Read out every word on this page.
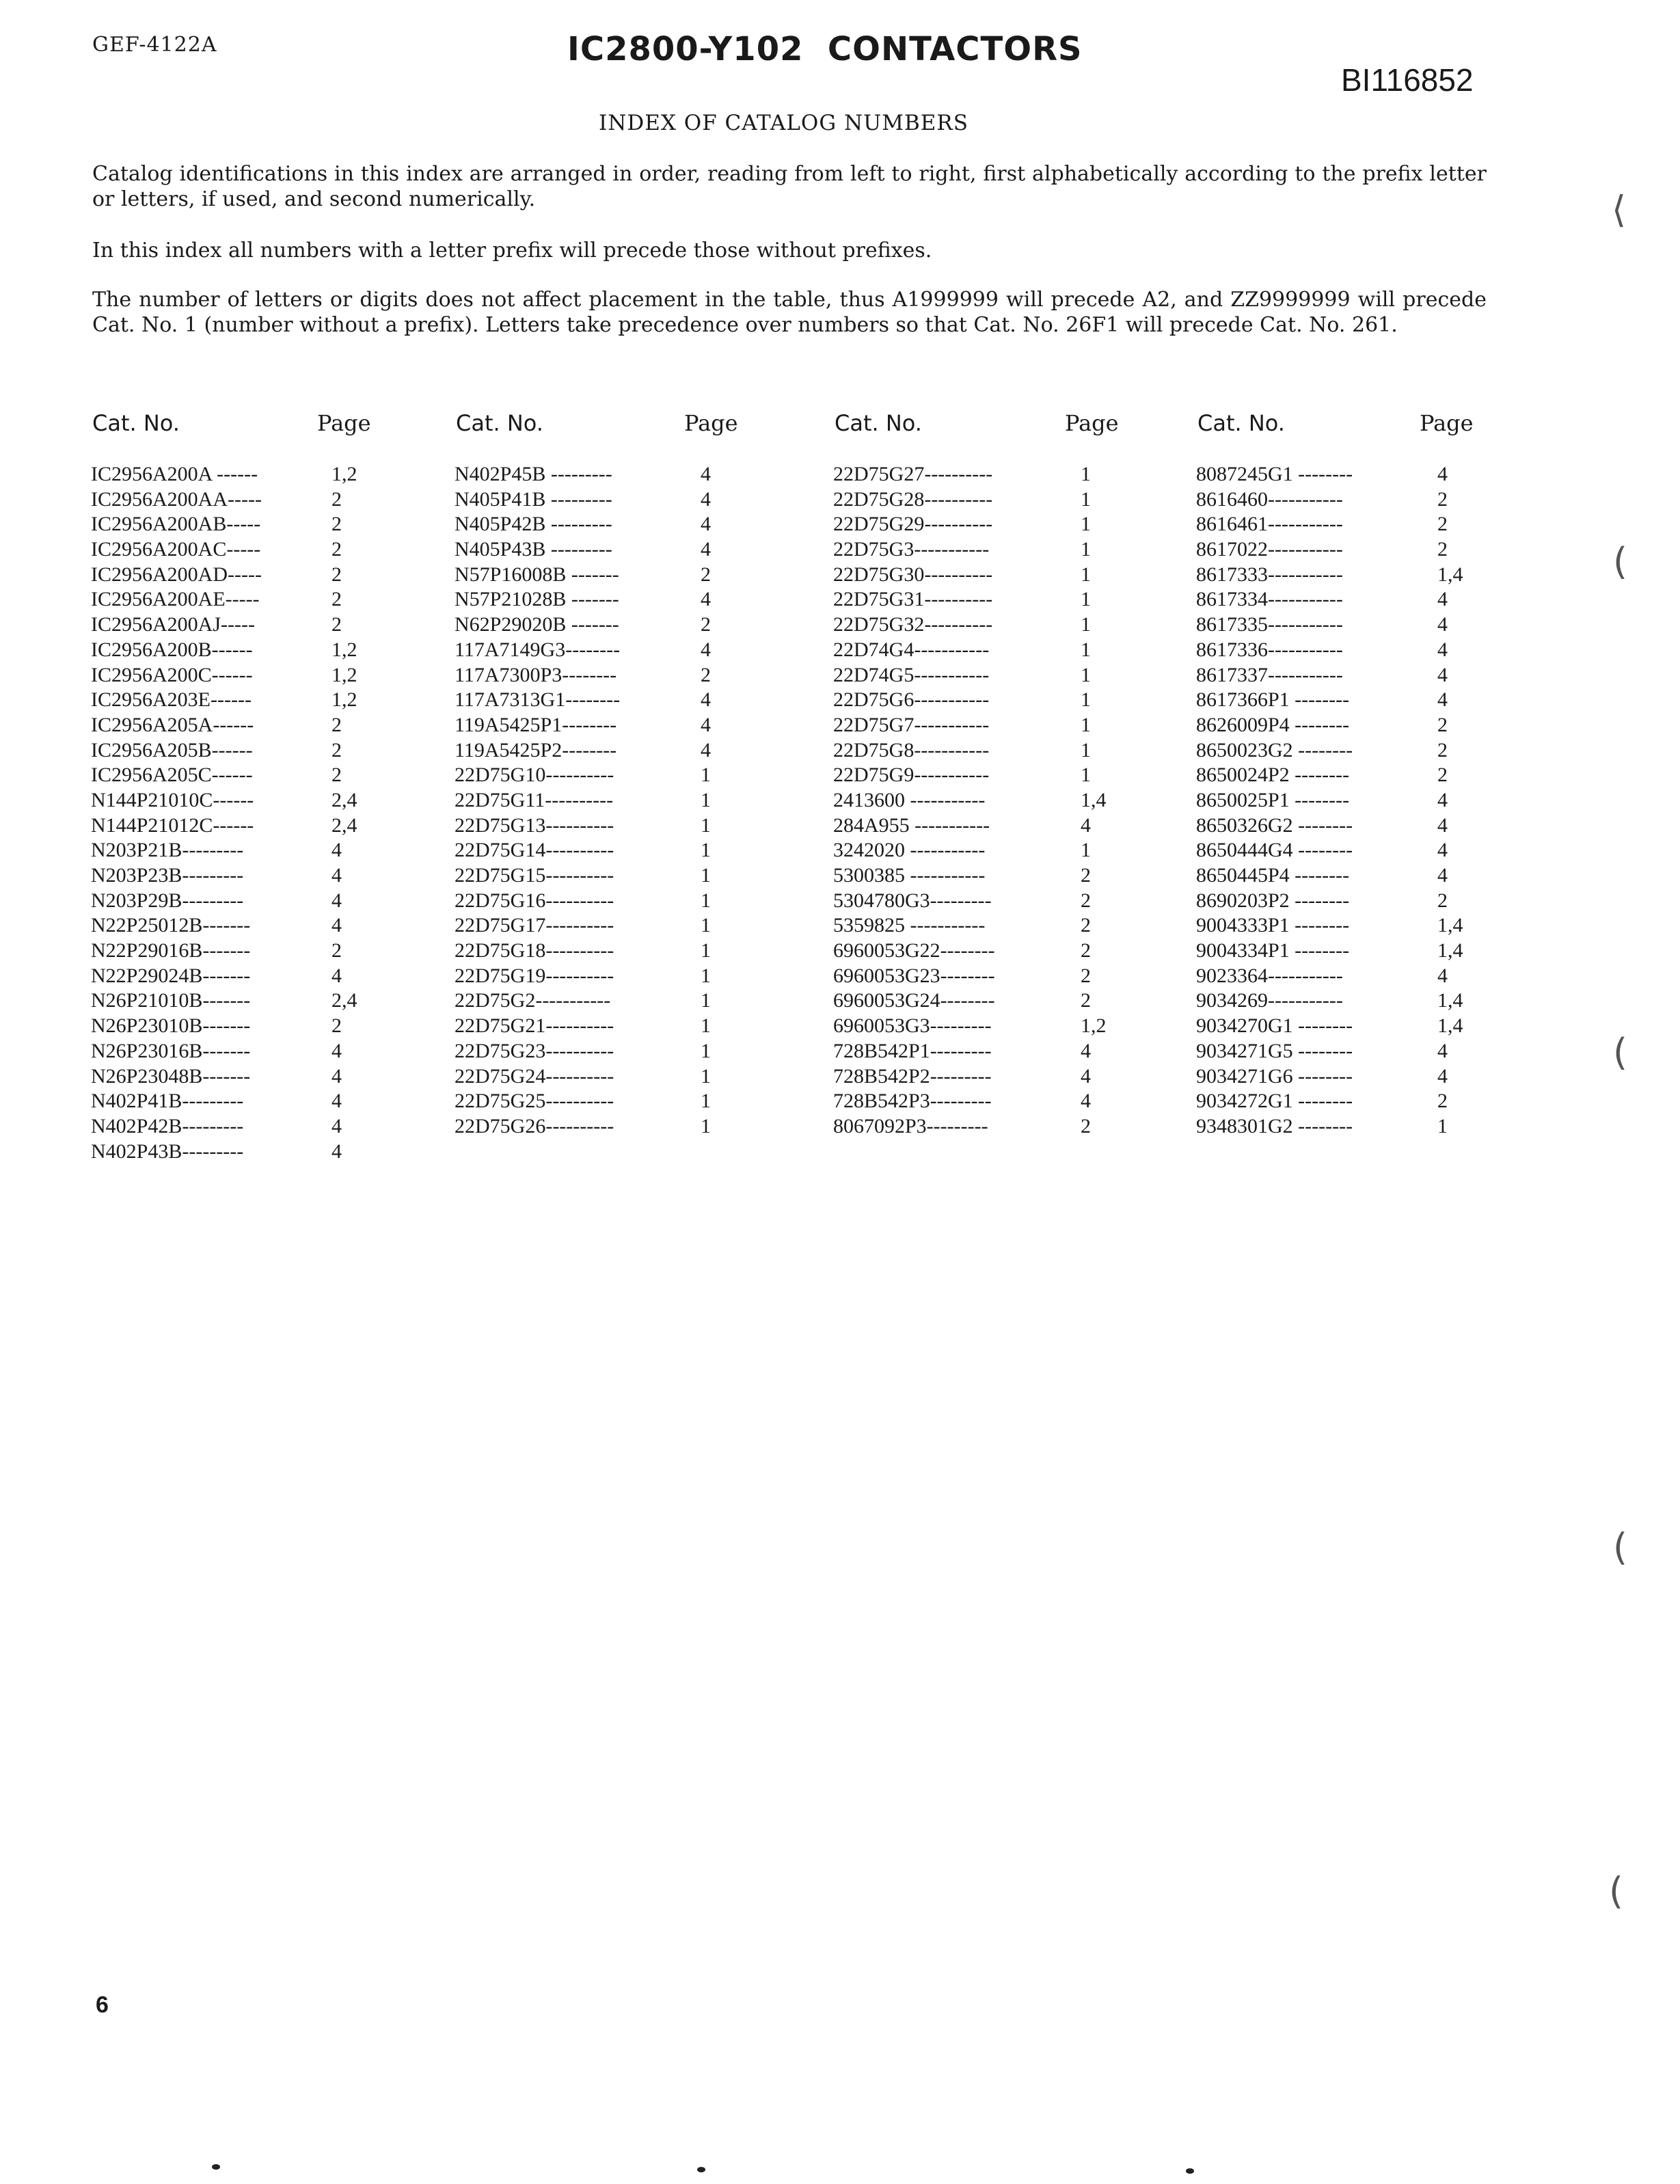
GEF-4122A	IC2800-Y102  CONTACTORS
BI116852
INDEX OF CATALOG NUMBERS
Catalog identifications in this index are arranged in order, reading from left to right, first alphabetically according to the prefix letter or letters, if used, and second numerically.
In this index all numbers with a letter prefix will precede those without prefixes.
The number of letters or digits does not affect placement in the table, thus A1999999 will precede A2, and ZZ9999999 will precede Cat. No. 1 (number without a prefix). Letters take precedence over numbers so that Cat. No. 26F1 will precede Cat. No. 261.
Cat. No.	Page	Cat. No.	Page	Cat. No.	Page	Cat. No.	Page
IC2956A200A ------	1,2
IC2956A200AA-----	2
IC2956A200AB-----	2
IC2956A200AC-----	2
IC2956A200AD-----	2
IC2956A200AE-----	2
IC2956A200AJ-----	2
IC2956A200B------	1,2
IC2956A200C------	1,2
IC2956A203E------	1,2
IC2956A205A------	2
IC2956A205B------	2
IC2956A205C------	2
N144P21010C------	2,4
N144P21012C------	2,4
N203P21B---------	4
N203P23B---------	4
N203P29B---------	4
N22P25012B-------	4
N22P29016B-------	2
N22P29024B-------	4
N26P21010B-------	2,4
N26P23010B-------	2
N26P23016B-------	4
N26P23048B-------	4
N402P41B---------	4
N402P42B---------	4
N402P43B---------	4
N402P45B ---------	4
N405P41B ---------	4
N405P42B ---------	4
N405P43B ---------	4
N57P16008B -------	2
N57P21028B -------	4
N62P29020B -------	2
117A7149G3--------	4
117A7300P3--------	2
117A7313G1--------	4
119A5425P1--------	4
119A5425P2--------	4
22D75G10----------	1
22D75G11----------	1
22D75G13----------	1
22D75G14----------	1
22D75G15----------	1
22D75G16----------	1
22D75G17----------	1
22D75G18----------	1
22D75G19----------	1
22D75G2-----------	1
22D75G21----------	1
22D75G23----------	1
22D75G24----------	1
22D75G25----------	1
22D75G26----------	1
22D75G27----------	1
22D75G28----------	1
22D75G29----------	1
22D75G3-----------	1
22D75G30----------	1
22D75G31----------	1
22D75G32----------	1
22D74G4-----------	1
22D74G5-----------	1
22D75G6-----------	1
22D75G7-----------	1
22D75G8-----------	1
22D75G9-----------	1
2413600 -----------	1,4
284A955 -----------	4
3242020 -----------	1
5300385 -----------	2
5304780G3---------	2
5359825 -----------	2
6960053G22--------	2
6960053G23--------	2
6960053G24--------	2
6960053G3---------	1,2
728B542P1---------	4
728B542P2---------	4
728B542P3---------	4
8067092P3---------	2
8087245G1 --------	4
8616460-----------	2
8616461-----------	2
8617022-----------	2
8617333-----------	1,4
8617334-----------	4
8617335-----------	4
8617336-----------	4
8617337-----------	4
8617366P1 --------	4
8626009P4 --------	2
8650023G2 --------	2
8650024P2 --------	2
8650025P1 --------	4
8650326G2 --------	4
8650444G4 --------	4
8650445P4 --------	4
8690203P2 --------	2
9004333P1 --------	1,4
9004334P1 --------	1,4
9023364-----------	4
9034269-----------	1,4
9034270G1 --------	1,4
9034271G5 --------	4
9034271G6 --------	4
9034272G1 --------	2
9348301G2 --------	1
6
⟨
(
(
(
(
